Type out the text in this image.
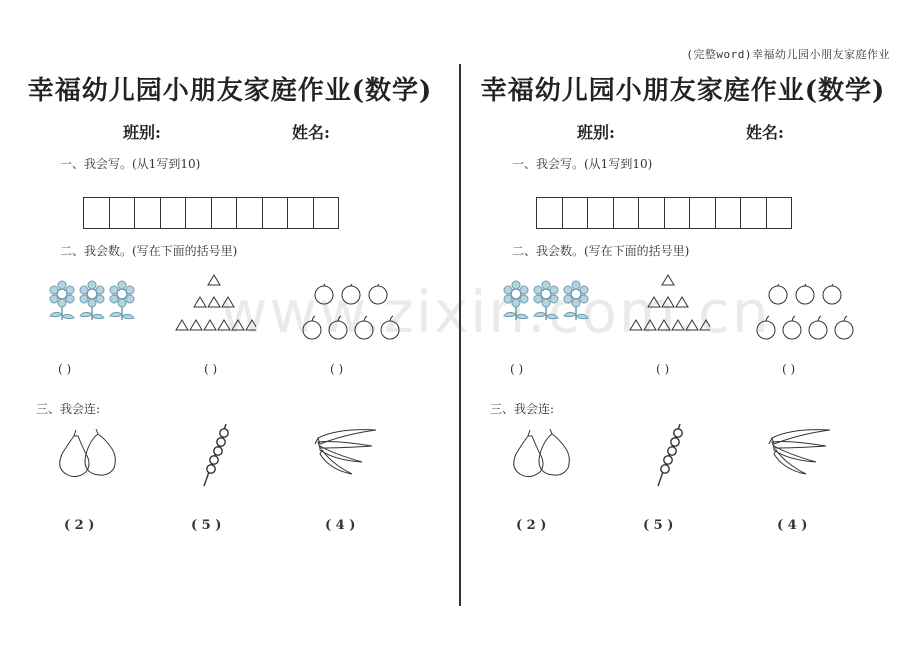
(完整word)幸福幼儿园小朋友家庭作业
www.zixin.com.cn
幸福幼儿园小朋友家庭作业(数学)
班别:	姓名:
一、我会写。(从1写到10)
二、我会数。(写在下面的括号里)
( )	( )	( )
三、我会连:
( 2 )	( 5 )	( 4 )
幸福幼儿园小朋友家庭作业(数学)
班别:	姓名:
一、我会写。(从1写到10)
二、我会数。(写在下面的括号里)
( )	( )	( )
三、我会连:
( 2 )	( 5 )	( 4 )
